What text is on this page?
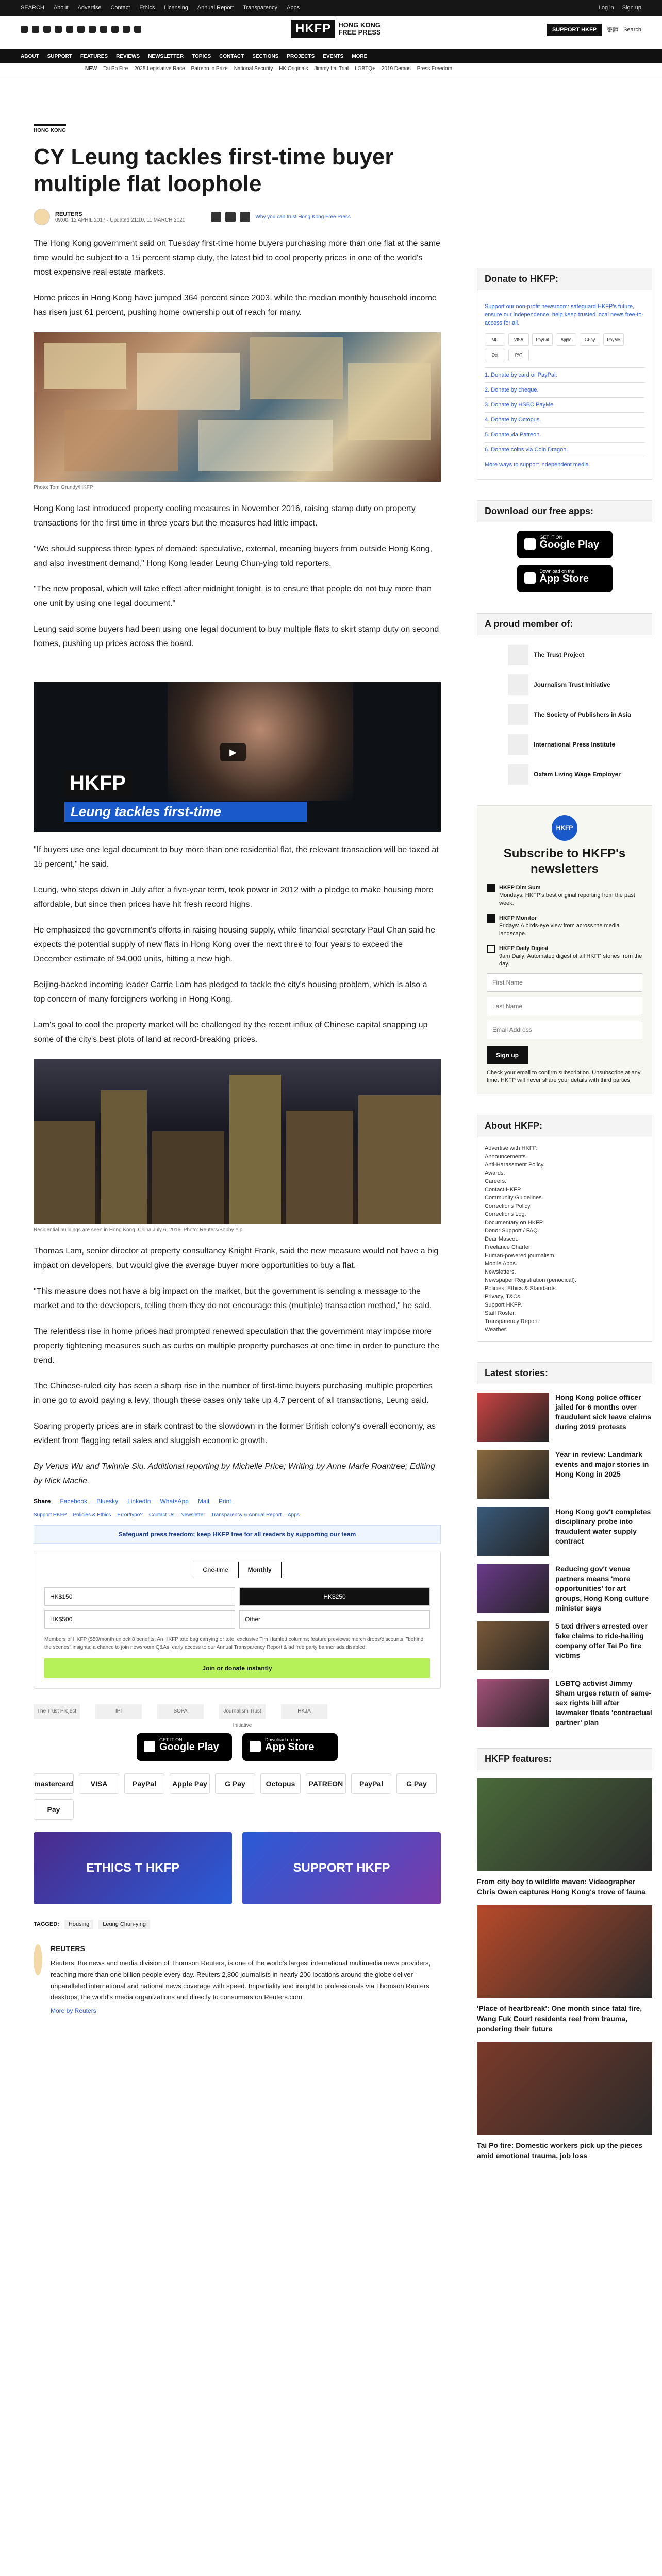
SEARCH About Advertise Contact Ethics Licensing Annual Report Transparency Apps	Log in Sign up
HKFP	HONG KONG
FREE PRESS	SUPPORT HKFP	繁體 Search
ABOUT SUPPORT FEATURES REVIEWS NEWSLETTER TOPICS CONTACT SECTIONS PROJECTS EVENTS MORE
NEW Tai Po Fire 2025 Legislative Race Patreon in Prize National Security HK Originals Jimmy Lai Trial LGBTQ+ 2019 Demos Press Freedom
HONG KONG
CY Leung tackles first-time buyer multiple flat loophole
REUTERS
09:00, 12 APRIL 2017 · Updated 21:10, 11 MARCH 2020
Why you can trust Hong Kong Free Press

The Hong Kong government said on Tuesday first-time home buyers purchasing more than one flat at the same time would be subject to a 15 percent stamp duty, the latest bid to cool property prices in one of the world's most expensive real estate markets.

Home prices in Hong Kong have jumped 364 percent since 2003, while the median monthly household income has risen just 61 percent, pushing home ownership out of reach for many.

Photo: Tom Grundy/HKFP

Hong Kong last introduced property cooling measures in November 2016, raising stamp duty on property transactions for the first time in three years but the measures had little impact.

"We should suppress three types of demand: speculative, external, meaning buyers from outside Hong Kong, and also investment demand," Hong Kong leader Leung Chun-ying told reporters.

"The new proposal, which will take effect after midnight tonight, is to ensure that people do not buy more than one unit by using one legal document."

Leung said some buyers had been using one legal document to buy multiple flats to skirt stamp duty on second homes, pushing up prices across the board.

▶
HKFP
Leung tackles first-time

"If buyers use one legal document to buy more than one residential flat, the relevant transaction will be taxed at 15 percent," he said.

Leung, who steps down in July after a five-year term, took power in 2012 with a pledge to make housing more affordable, but since then prices have hit fresh record highs.

He emphasized the government's efforts in raising housing supply, while financial secretary Paul Chan said he expects the potential supply of new flats in Hong Kong over the next three to four years to exceed the December estimate of 94,000 units, hitting a new high.

Beijing-backed incoming leader Carrie Lam has pledged to tackle the city's housing problem, which is also a top concern of many foreigners working in Hong Kong.

Lam's goal to cool the property market will be challenged by the recent influx of Chinese capital snapping up some of the city's best plots of land at record-breaking prices.

Residential buildings are seen in Hong Kong, China July 6, 2016. Photo: Reuters/Bobby Yip.

Thomas Lam, senior director at property consultancy Knight Frank, said the new measure would not have a big impact on developers, but would give the average buyer more opportunities to buy a flat.

"This measure does not have a big impact on the market, but the government is sending a message to the market and to the developers, telling them they do not encourage this (multiple) transaction method," he said.

The relentless rise in home prices had prompted renewed speculation that the government may impose more property tightening measures such as curbs on multiple property purchases at one time in order to puncture the trend.

The Chinese-ruled city has seen a sharp rise in the number of first-time buyers purchasing multiple properties in one go to avoid paying a levy, though these cases only take up 4.7 percent of all transactions, Leung said.

Soaring property prices are in stark contrast to the slowdown in the former British colony's overall economy, as evident from flagging retail sales and sluggish economic growth.

By Venus Wu and Twinnie Siu. Additional reporting by Michelle Price; Writing by Anne Marie Roantree; Editing by Nick Macfie.

Share Facebook Bluesky LinkedIn WhatsApp Mail Print
Support HKFP Policies & Ethics Error/typo? Contact Us Newsletter Transparency & Annual Report Apps
Safeguard press freedom; keep HKFP free for all readers by supporting our team
One-time	Monthly
HK$150	HK$250
HK$500	Other
Members of HKFP ($50/month unlock 8 benefits: An HKFP tote bag carrying or tote; exclusive Tim Hamlett columns; feature previews; merch drops/discounts; "behind the scenes" insights; a chance to join newsroom Q&As, early access to our Annual Transparency Report & ad free party banner ads disabled.
Join or donate instantly
The Trust Project	IPI	SOPA	Journalism Trust Initiative
HKJA
GET IT ON
Google Play
Download on the
App Store
mastercard	VISA	PayPal	Apple Pay	G Pay	Octopus	PATREON	PayPal	G Pay
Pay
ETHICS T HKFP	SUPPORT HKFP
TAGGED:	Housing	Leung Chun-ying
REUTERS

Reuters, the news and media division of Thomson Reuters, is one of the world's largest international multimedia news providers, reaching more than one billion people every day. Reuters 2,800 journalists in nearly 200 locations around the globe deliver unparalleled international and national news coverage with speed. Impartiality and insight to professionals via Thomson Reuters desktops, the world's media organizations and directly to consumers on Reuters.com

More by Reuters
Donate to HKFP:
Support our non-profit newsroom: safeguard HKFP's future, ensure our independence, help keep trusted local news free-to-access for all.
MC	VISA	PayPal	Apple	GPay	PayMe
Oct	PAT
1. Donate by card or PayPal.
2. Donate by cheque.
3. Donate by HSBC PayMe.
4. Donate by Octopus.
5. Donate via Patreon.
6. Donate coins via Coin Dragon.
More ways to support independent media.
Download our free apps:
GET IT ON
Google Play
Download on the
App Store
A proud member of:
The Trust Project
Journalism Trust Initiative
The Society of Publishers in Asia
International Press Institute
Oxfam Living Wage Employer
HKFP
Subscribe to HKFP's newsletters
HKFP Dim Sum
Mondays: HKFP's best original reporting from the past week.
HKFP Monitor
Fridays: A birds-eye view from across the media landscape.
HKFP Daily Digest
9am Daily: Automated digest of all HKFP stories from the day.
First Name Last Name Email Address
Sign up
Check your email to confirm subscription. Unsubscribe at any time. HKFP will never share your details with third parties.
About HKFP:
Advertise with HKFP.
Announcements.
Anti-Harassment Policy.
Awards.
Careers.
Contact HKFP.
Community Guidelines.
Corrections Policy.
Corrections Log.
Documentary on HKFP.
Donor Support / FAQ.
Dear Mascot.
Freelance Charter.
Human-powered journalism.
Mobile Apps.
Newsletters.
Newspaper Registration (periodical).
Policies, Ethics & Standards.
Privacy, T&Cs.
Support HKFP.
Staff Roster.
Transparency Report.
Weather.
Latest stories:
Hong Kong police officer jailed for 6 months over fraudulent sick leave claims during 2019 protests
Year in review: Landmark events and major stories in Hong Kong in 2025
Hong Kong gov't completes disciplinary probe into fraudulent water supply contract
Reducing gov't venue partners means 'more opportunities' for art groups, Hong Kong culture minister says
5 taxi drivers arrested over fake claims to ride-hailing company offer Tai Po fire victims
LGBTQ activist Jimmy Sham urges return of same-sex rights bill after lawmaker floats 'contractual partner' plan
HKFP features:
From city boy to wildlife maven: Videographer Chris Owen captures Hong Kong's trove of fauna
'Place of heartbreak': One month since fatal fire, Wang Fuk Court residents reel from trauma, pondering their future
Tai Po fire: Domestic workers pick up the pieces amid emotional trauma, job loss
